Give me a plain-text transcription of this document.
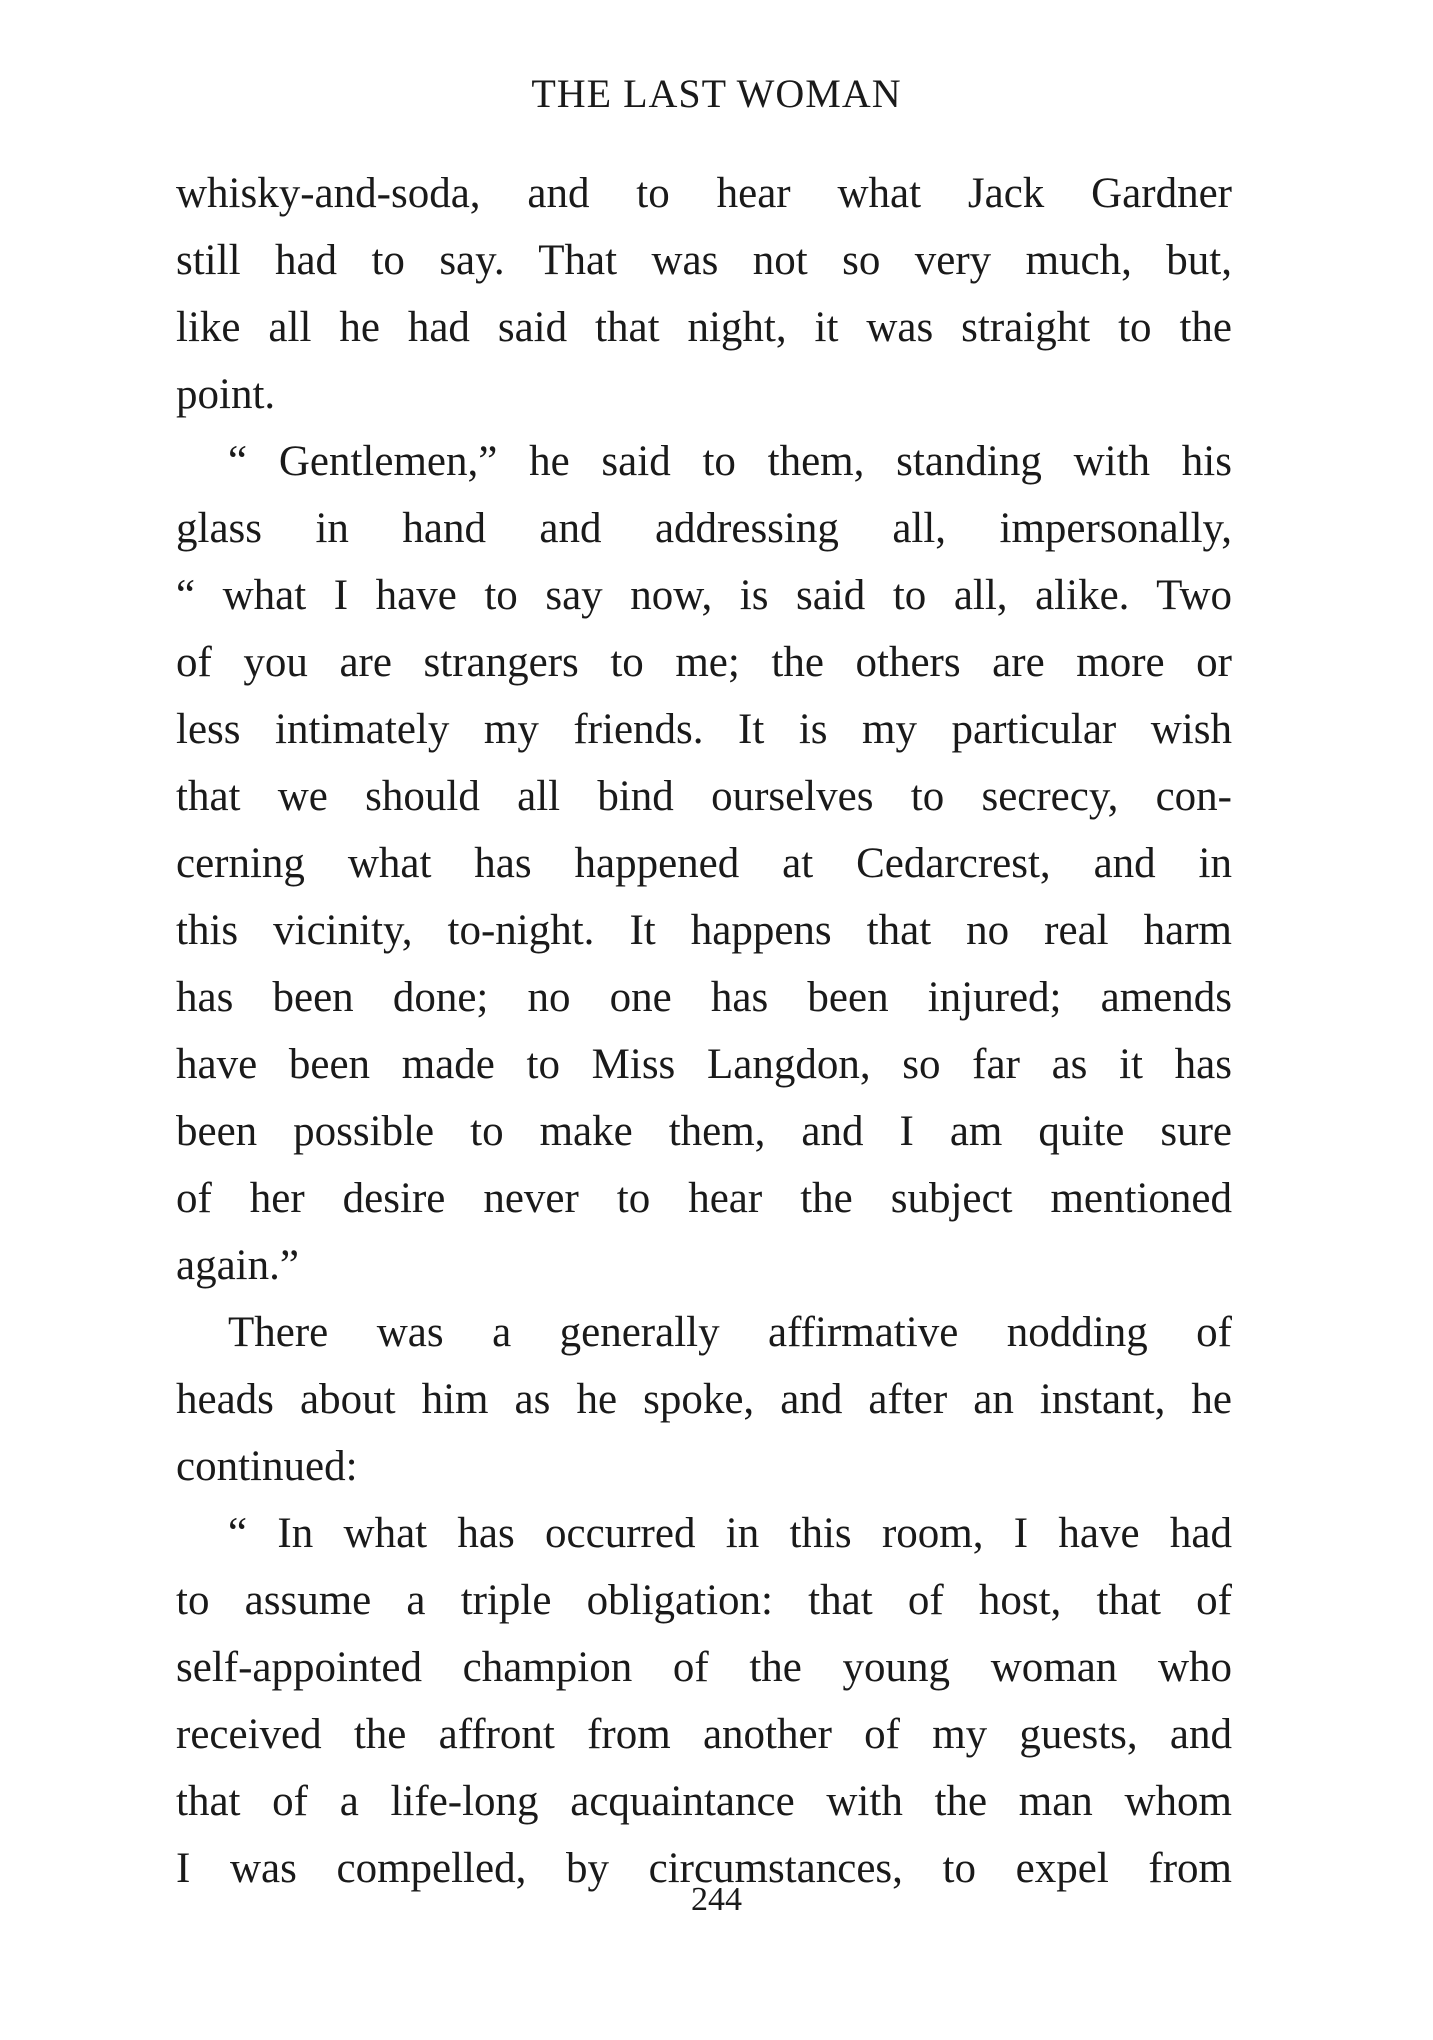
THE LAST WOMAN

whisky-and-soda, and to hear what Jack Gardner
still had to say. That was not so very much, but,
like all he had said that night, it was straight to the
point.

“ Gentlemen,” he said to them, standing with his
glass in hand and addressing all, impersonally,
“ what I have to say now, is said to all, alike. Two
of you are strangers to me; the others are more or
less intimately my friends. It is my particular wish
that we should all bind ourselves to secrecy, con-
cerning what has happened at Cedarcrest, and in
this vicinity, to-night. It happens that no real harm
has been done; no one has been injured; amends
have been made to Miss Langdon, so far as it has
been possible to make them, and I am quite sure
of her desire never to hear the subject mentioned
again.”

There was a generally affirmative nodding of
heads about him as he spoke, and after an instant, he
continued:

“ In what has occurred in this room, I have had
to assume a triple obligation: that of host, that of
self-appointed champion of the young woman who
received the affront from another of my guests, and
that of a life-long acquaintance with the man whom
I was compelled, by circumstances, to expel from

244
